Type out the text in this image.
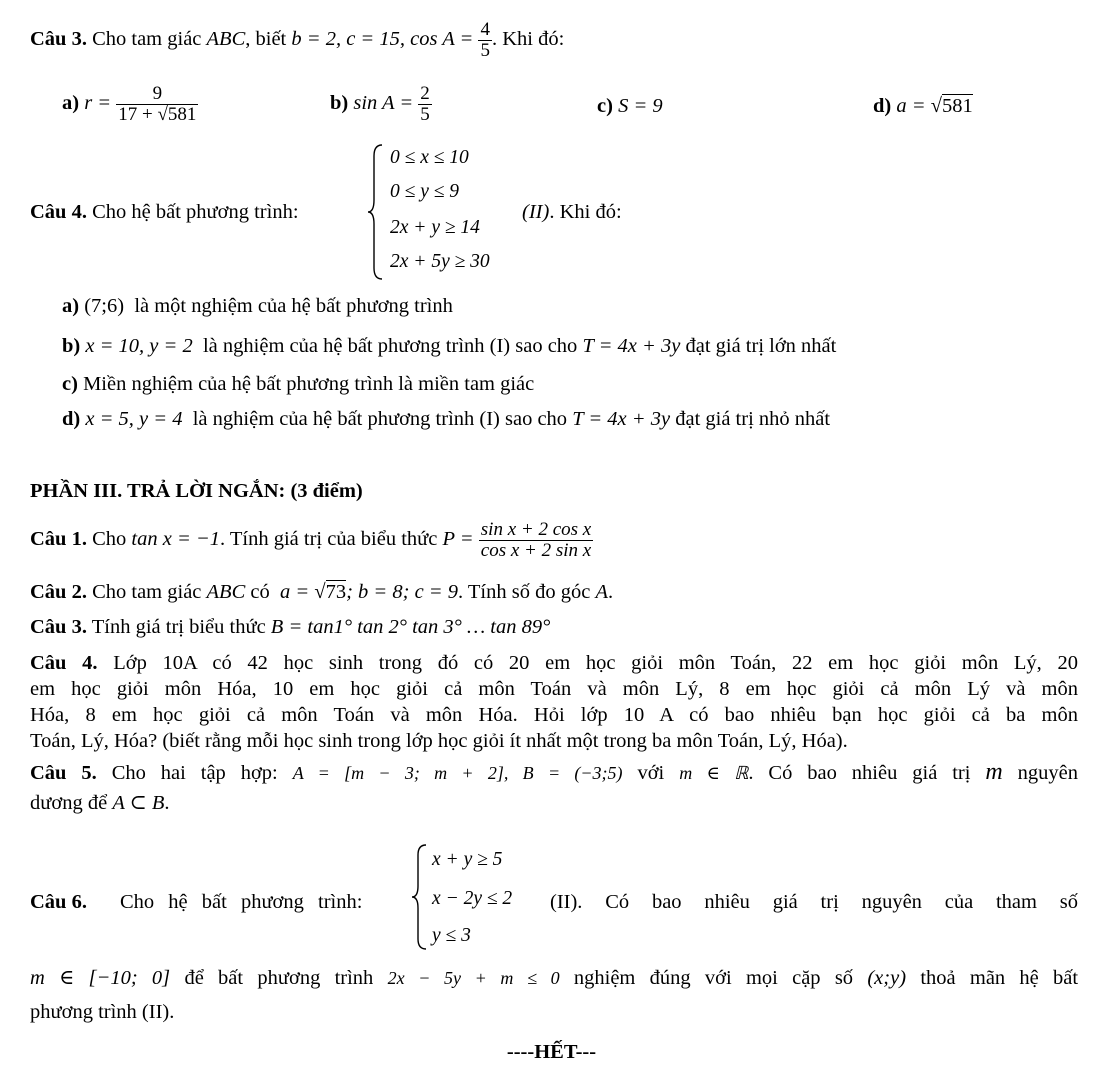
Câu 3. Cho tam giác ABC, biết b = 2, c = 15, $\cos A = \frac{4}{5}$ . Khi đó:
a) $r = \frac{9}{17 + √581}$	b) $\sin A = \frac{2}{5}$	c) S = 9	d) a = √581
Câu 4. Cho hệ bất phương trình:
0 ≤ x ≤ 10
0 ≤ y ≤ 9
2x + y ≥ 14
2x + 5y ≥ 30
(II). Khi đó:
a) (7;6) là một nghiệm của hệ bất phương trình
b) x = 10, y = 2 là nghiệm của hệ bất phương trình (I) sao cho T = 4x + 3y đạt giá trị lớn nhất
c) Miền nghiệm của hệ bất phương trình là miền tam giác
d) x = 5, y = 4 là nghiệm của hệ bất phương trình (I) sao cho T = 4x + 3y đạt giá trị nhỏ nhất
PHẦN III. TRẢ LỜI NGẮN: (3 điểm)
Câu 1. Cho tan x = −1. Tính giá trị của biểu thức $P = \frac{\text{sin x + 2 cos x}}{\text{cos x + 2 sin x}}$
Câu 2. Cho tam giác ABC có a = √73; b = 8; c = 9. Tính số đo góc A.
Câu 3. Tính giá trị biểu thức B = tan1° tan 2° tan 3° … tan 89°
Câu 4. Lớp 10A có 42 học sinh trong đó có 20 em học giỏi môn Toán, 22 em học giỏi môn Lý, 20
em học giỏi môn Hóa, 10 em học giỏi cả môn Toán và môn Lý, 8 em học giỏi cả môn Lý và môn
Hóa, 8 em học giỏi cả môn Toán và môn Hóa. Hỏi lớp 10 A có bao nhiêu bạn học giỏi cả ba môn
Toán, Lý, Hóa? (biết rằng mỗi học sinh trong lớp học giỏi ít nhất một trong ba môn Toán, Lý, Hóa).
Câu 5. Cho hai tập hợp: A = [m − 3; m + 2], B = (−3;5) với m ∈ ℝ. Có bao nhiêu giá trị m nguyên
dương để A ⊂ B.
Câu 6. Cho hệ bất phương trình:
x + y ≥ 5
x − 2y ≤ 2
y ≤ 3
(II). Có bao nhiêu giá trị nguyên của tham số
m ∈ [−10; 0] để bất phương trình 2x − 5y + m ≤ 0 nghiệm đúng với mọi cặp số (x;y) thoả mãn hệ bất
phương trình (II).
----HẾT---
